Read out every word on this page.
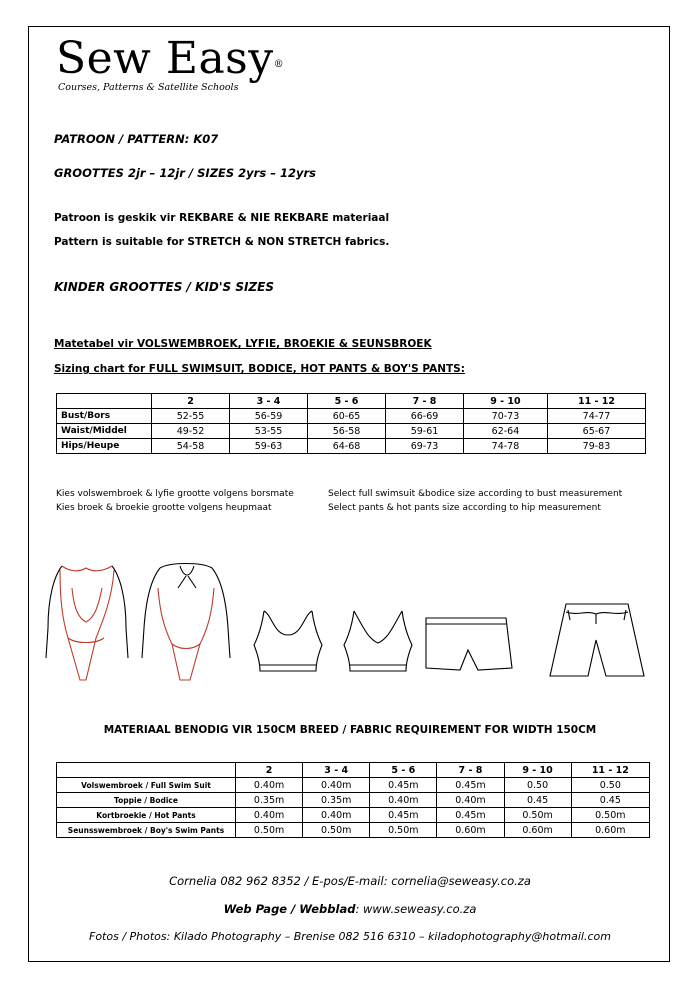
Sew Easy®
Courses, Patterns & Satellite Schools
PATROON / PATTERN: K07
GROOTTES 2jr – 12jr / SIZES 2yrs – 12yrs
Patroon is geskik vir REKBARE & NIE REKBARE materiaal
Pattern is suitable for STRETCH & NON STRETCH fabrics.
KINDER GROOTTES / KID'S SIZES
Matetabel vir VOLSWEMBROEK, LYFIE, BROEKIE & SEUNSBROEK
Sizing chart for FULL SWIMSUIT, BODICE, HOT PANTS & BOY'S PANTS:
	2	3 - 4	5 - 6	7 - 8	9 - 10	11 - 12
Bust/Bors	52-55	56-59	60-65	66-69	70-73	74-77
Waist/Middel	49-52	53-55	56-58	59-61	62-64	65-67
Hips/Heupe	54-58	59-63	64-68	69-73	74-78	79-83
Kies volswembroek & lyfie grootte volgens borsmate
Kies broek & broekie grootte volgens heupmaat
Select full swimsuit &bodice size according to bust measurement
Select pants & hot pants size according to hip measurement
MATERIAAL BENODIG VIR 150CM BREED / FABRIC REQUIREMENT FOR WIDTH 150CM
	2	3 - 4	5 - 6	7 - 8	9 - 10	11 - 12
Volswembroek / Full Swim Suit	0.40m	0.40m	0.45m	0.45m	0.50	0.50
Toppie / Bodice	0.35m	0.35m	0.40m	0.40m	0.45	0.45
Kortbroekie / Hot Pants	0.40m	0.40m	0.45m	0.45m	0.50m	0.50m
Seunsswembroek / Boy's Swim Pants	0.50m	0.50m	0.50m	0.60m	0.60m	0.60m
Cornelia 082 962 8352 / E-pos/E-mail: cornelia@seweasy.co.za
Web Page / Webblad: www.seweasy.co.za
Fotos / Photos: Kilado Photography – Brenise 082 516 6310 – kiladophotography@hotmail.com
